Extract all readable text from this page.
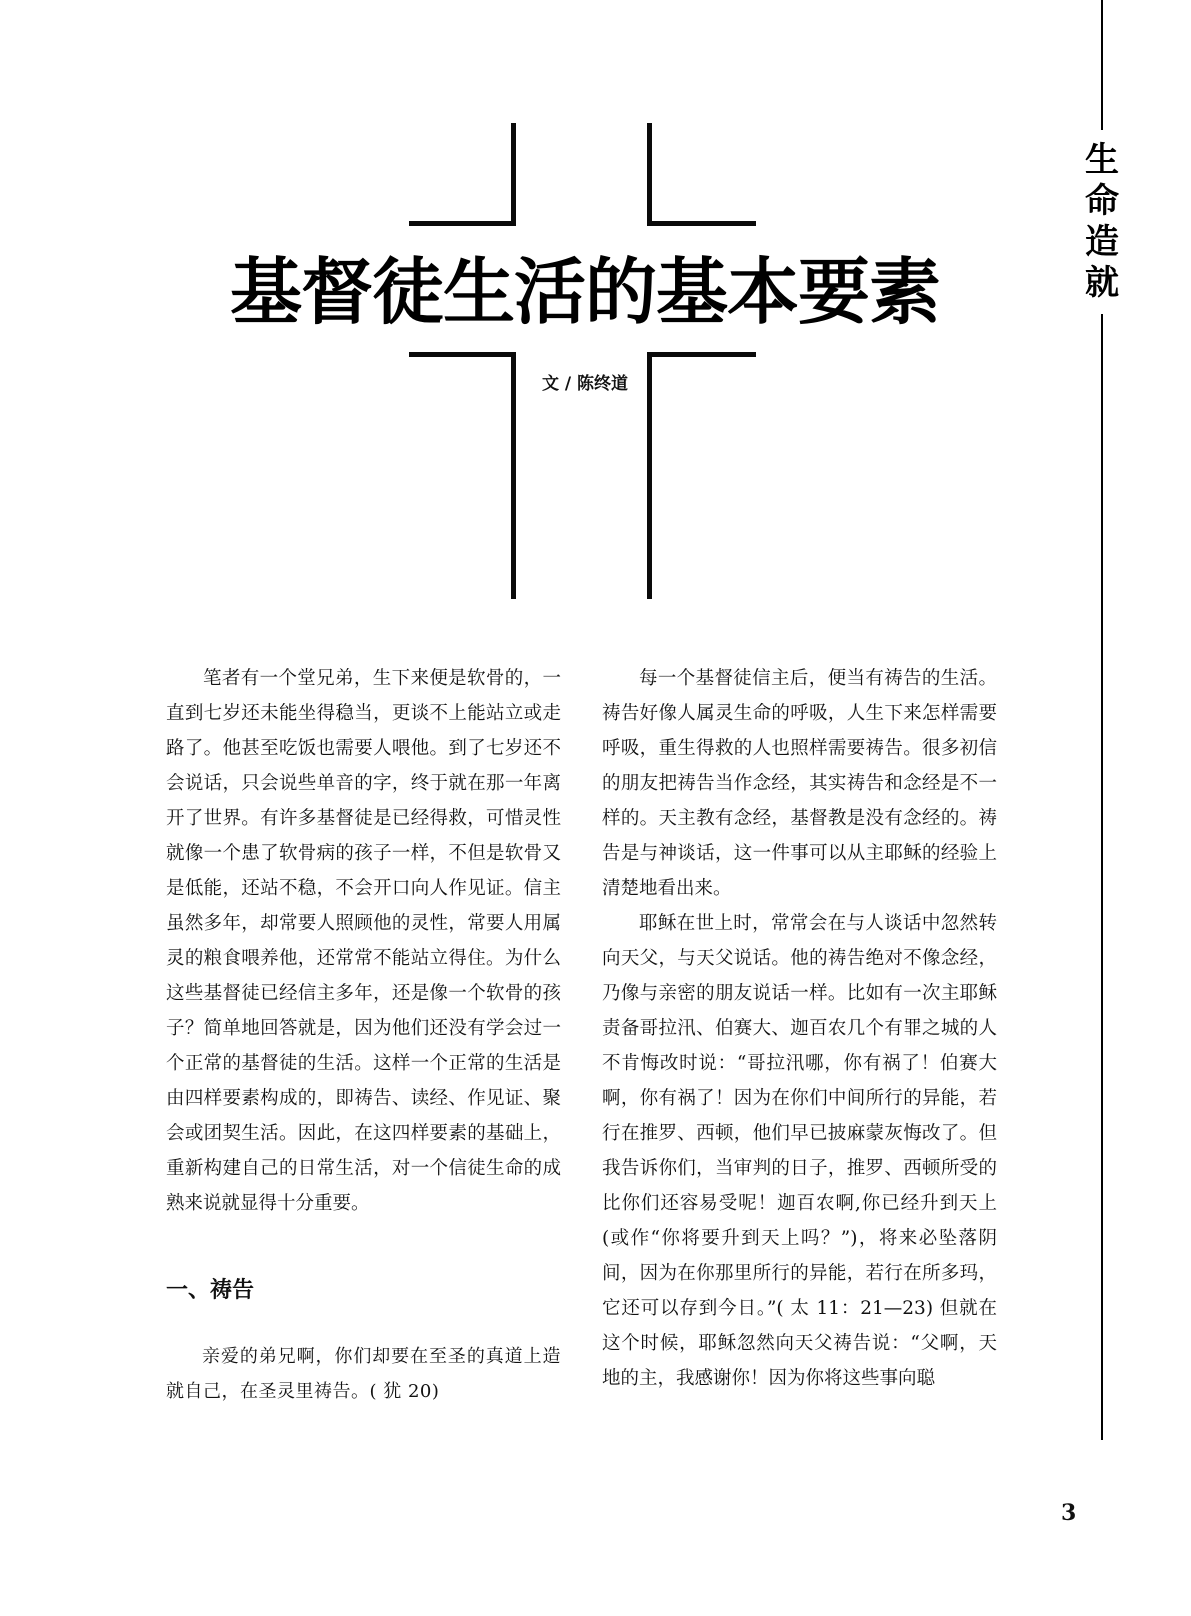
基督徒生活的基本要素
文 / 陈终道
生命造就

笔者有一个堂兄弟，生下来便是软骨的，一直到七岁还未能坐得稳当，更谈不上能站立或走路了。他甚至吃饭也需要人喂他。到了七岁还不会说话，只会说些单音的字，终于就在那一年离开了世界。有许多基督徒是已经得救，可惜灵性就像一个患了软骨病的孩子一样，不但是软骨又是低能，还站不稳，不会开口向人作见证。信主虽然多年，却常要人照顾他的灵性，常要人用属灵的粮食喂养他，还常常不能站立得住。为什么这些基督徒已经信主多年，还是像一个软骨的孩子？简单地回答就是，因为他们还没有学会过一个正常的基督徒的生活。这样一个正常的生活是由四样要素构成的，即祷告、读经、作见证、聚会或团契生活。因此，在这四样要素的基础上，重新构建自己的日常生活，对一个信徒生命的成熟来说就显得十分重要。

一、祷告

亲爱的弟兄啊，你们却要在至圣的真道上造就自己，在圣灵里祷告。( 犹 20)

每一个基督徒信主后，便当有祷告的生活。祷告好像人属灵生命的呼吸，人生下来怎样需要呼吸，重生得救的人也照样需要祷告。很多初信的朋友把祷告当作念经，其实祷告和念经是不一样的。天主教有念经，基督教是没有念经的。祷告是与神谈话，这一件事可以从主耶稣的经验上清楚地看出来。

耶稣在世上时，常常会在与人谈话中忽然转向天父，与天父说话。他的祷告绝对不像念经，乃像与亲密的朋友说话一样。比如有一次主耶稣责备哥拉汛、伯赛大、迦百农几个有罪之城的人不肯悔改时说：“哥拉汛哪，你有祸了！伯赛大啊，你有祸了！因为在你们中间所行的异能，若行在推罗、西顿，他们早已披麻蒙灰悔改了。但我告诉你们，当审判的日子，推罗、西顿所受的比你们还容易受呢！迦百农啊,你已经升到天上(或作“你将要升到天上吗？”)，将来必坠落阴间，因为在你那里所行的异能，若行在所多玛，它还可以存到今日。”( 太 11：21—23) 但就在这个时候，耶稣忽然向天父祷告说：“父啊，天地的主，我感谢你！因为你将这些事向聪

3
